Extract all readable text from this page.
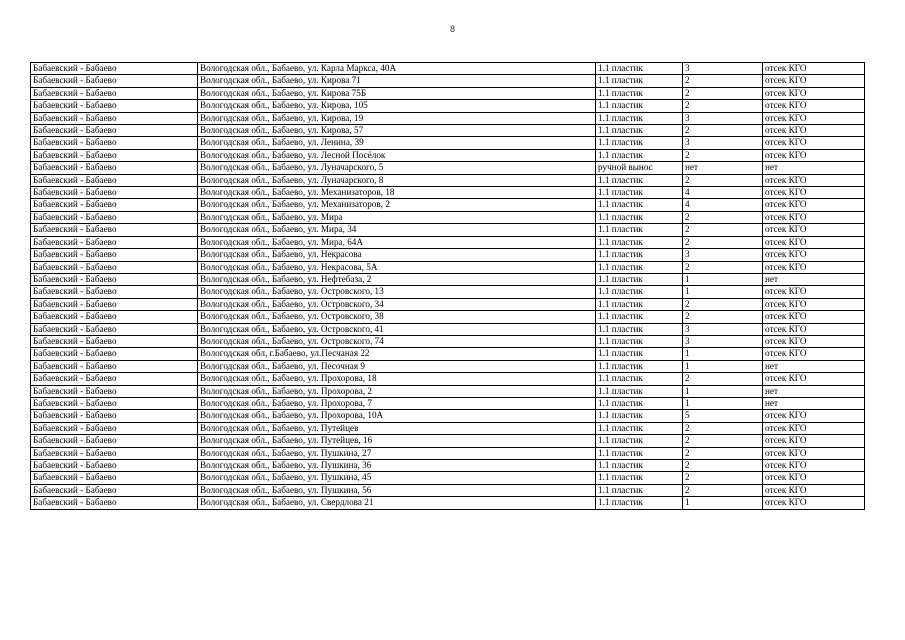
8
Бабаевский - Бабаево	Вологодская обл., Бабаево, ул. Карла Маркса, 40А	1.1 пластик	3	отсек КГО
Бабаевский - Бабаево	Вологодская обл., Бабаево, ул. Кирова 71	1.1 пластик	2	отсек КГО
Бабаевский - Бабаево	Вологодская обл., Бабаево, ул. Кирова 75Б	1.1 пластик	2	отсек КГО
Бабаевский - Бабаево	Вологодская обл., Бабаево, ул. Кирова, 105	1.1 пластик	2	отсек КГО
Бабаевский - Бабаево	Вологодская обл., Бабаево, ул. Кирова, 19	1.1 пластик	3	отсек КГО
Бабаевский - Бабаево	Вологодская обл., Бабаево, ул. Кирова, 57	1.1 пластик	2	отсек КГО
Бабаевский - Бабаево	Вологодская обл., Бабаево, ул. Ленина, 39	1.1 пластик	3	отсек КГО
Бабаевский - Бабаево	Вологодская обл., Бабаево, ул. Лесной Посёлок	1.1 пластик	2	отсек КГО
Бабаевский - Бабаево	Вологодская обл., Бабаево, ул. Луначарского, 5	ручной вынос	нет	нет
Бабаевский - Бабаево	Вологодская обл., Бабаево, ул. Луначарского, 8	1.1 пластик	2	отсек КГО
Бабаевский - Бабаево	Вологодская обл., Бабаево, ул. Механизаторов, 18	1.1 пластик	4	отсек КГО
Бабаевский - Бабаево	Вологодская обл., Бабаево, ул. Механизаторов, 2	1.1 пластик	4	отсек КГО
Бабаевский - Бабаево	Вологодская обл., Бабаево, ул. Мира	1.1 пластик	2	отсек КГО
Бабаевский - Бабаево	Вологодская обл., Бабаево, ул. Мира, 34	1.1 пластик	2	отсек КГО
Бабаевский - Бабаево	Вологодская обл., Бабаево, ул. Мира, 64А	1.1 пластик	2	отсек КГО
Бабаевский - Бабаево	Вологодская обл., Бабаево, ул. Некрасова	1.1 пластик	3	отсек КГО
Бабаевский - Бабаево	Вологодская обл., Бабаево, ул. Некрасова, 5А	1.1 пластик	2	отсек КГО
Бабаевский - Бабаево	Вологодская обл., Бабаево, ул. Нефтебаза, 2	1.1 пластик	1	нет
Бабаевский - Бабаево	Вологодская обл., Бабаево, ул. Островского, 13	1.1 пластик	1	отсек КГО
Бабаевский - Бабаево	Вологодская обл., Бабаево, ул. Островского, 34	1.1 пластик	2	отсек КГО
Бабаевский - Бабаево	Вологодская обл., Бабаево, ул. Островского, 38	1.1 пластик	2	отсек КГО
Бабаевский - Бабаево	Вологодская обл., Бабаево, ул. Островского, 41	1.1 пластик	3	отсек КГО
Бабаевский - Бабаево	Вологодская обл., Бабаево, ул. Островского, 74	1.1 пластик	3	отсек КГО
Бабаевский - Бабаево	Вологодская обл, г.Бабаево, ул.Песчаная 22	1.1 пластик	1	отсек КГО
Бабаевский - Бабаево	Вологодская обл., Бабаево, ул. Песочная 9	1.1 пластик	1	нет
Бабаевский - Бабаево	Вологодская обл., Бабаево, ул. Прохорова, 18	1.1 пластик	2	отсек КГО
Бабаевский - Бабаево	Вологодская обл., Бабаево, ул. Прохорова, 2	1.1 пластик	1	нет
Бабаевский - Бабаево	Вологодская обл., Бабаево, ул. Прохорова, 7	1.1 пластик	1	нет
Бабаевский - Бабаево	Вологодская обл., Бабаево, ул. Прохорова, 10А	1.1 пластик	5	отсек КГО
Бабаевский - Бабаево	Вологодская обл., Бабаево, ул. Путейцев	1.1 пластик	2	отсек КГО
Бабаевский - Бабаево	Вологодская обл., Бабаево, ул. Путейцев, 16	1.1 пластик	2	отсек КГО
Бабаевский - Бабаево	Вологодская обл., Бабаево, ул. Пушкина, 27	1.1 пластик	2	отсек КГО
Бабаевский - Бабаево	Вологодская обл., Бабаево, ул. Пушкина, 36	1.1 пластик	2	отсек КГО
Бабаевский - Бабаево	Вологодская обл., Бабаево, ул. Пушкина, 45	1.1 пластик	2	отсек КГО
Бабаевский - Бабаево	Вологодская обл., Бабаево, ул. Пушкина, 56	1.1 пластик	2	отсек КГО
Бабаевский - Бабаево	Вологодская обл., Бабаево, ул. Свердлова 21	1.1 пластик	1	отсек КГО
